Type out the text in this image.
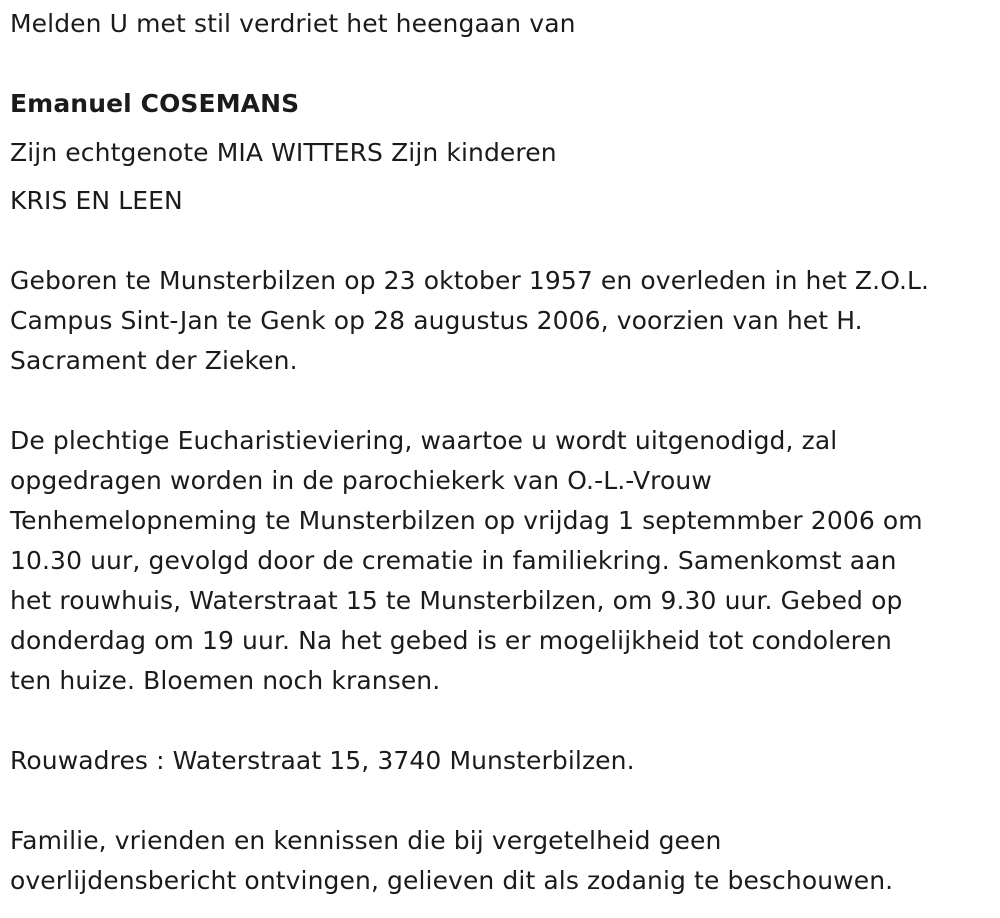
Melden U met stil verdriet het heengaan van
Emanuel COSEMANS
Zijn echtgenote MIA WITTERS Zijn kinderen
KRIS EN LEEN
Geboren te Munsterbilzen op 23 oktober 1957 en overleden in het Z.O.L.
Campus Sint-Jan te Genk op 28 augustus 2006, voorzien van het H.
Sacrament der Zieken.
De plechtige Eucharistieviering, waartoe u wordt uitgenodigd, zal
opgedragen worden in de parochiekerk van O.-L.-Vrouw
Tenhemelopneming te Munsterbilzen op vrijdag 1 septemmber 2006 om
10.30 uur, gevolgd door de crematie in familiekring. Samenkomst aan
het rouwhuis, Waterstraat 15 te Munsterbilzen, om 9.30 uur. Gebed op
donderdag om 19 uur. Na het gebed is er mogelijkheid tot condoleren
ten huize. Bloemen noch kransen.
Rouwadres : Waterstraat 15, 3740 Munsterbilzen.
Familie, vrienden en kennissen die bij vergetelheid geen
overlijdensbericht ontvingen, gelieven dit als zodanig te beschouwen.
